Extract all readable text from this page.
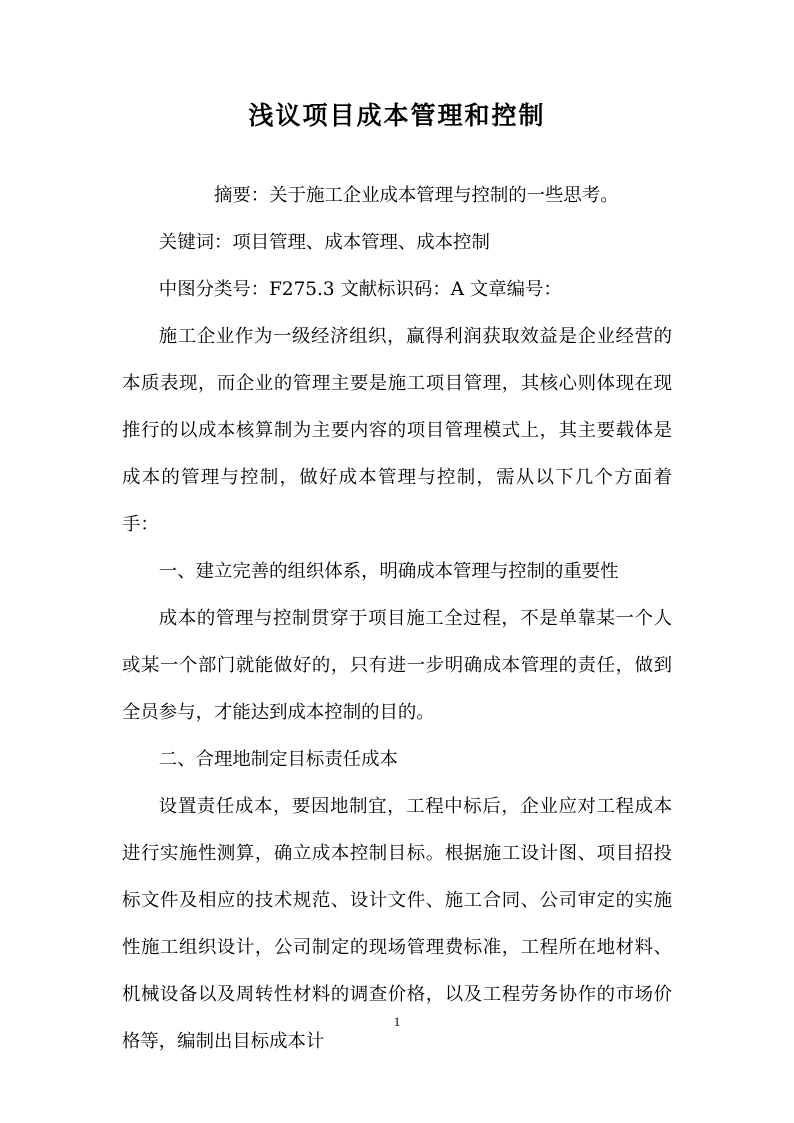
浅议项目成本管理和控制

摘要：关于施工企业成本管理与控制的一些思考。

关键词：项目管理、成本管理、成本控制

中图分类号：F275.3 文献标识码：A 文章编号：

施工企业作为一级经济组织，赢得利润获取效益是企业经营的本质表现，而企业的管理主要是施工项目管理，其核心则体现在现推行的以成本核算制为主要内容的项目管理模式上，其主要载体是成本的管理与控制，做好成本管理与控制，需从以下几个方面着手：

一、建立完善的组织体系，明确成本管理与控制的重要性

成本的管理与控制贯穿于项目施工全过程，不是单靠某一个人或某一个部门就能做好的，只有进一步明确成本管理的责任，做到全员参与，才能达到成本控制的目的。

二、合理地制定目标责任成本

设置责任成本，要因地制宜，工程中标后，企业应对工程成本进行实施性测算，确立成本控制目标。根据施工设计图、项目招投标文件及相应的技术规范、设计文件、施工合同、公司审定的实施性施工组织设计，公司制定的现场管理费标准，工程所在地材料、机械设备以及周转性材料的调查价格，以及工程劳务协作的市场价格等，编制出目标成本计

1
